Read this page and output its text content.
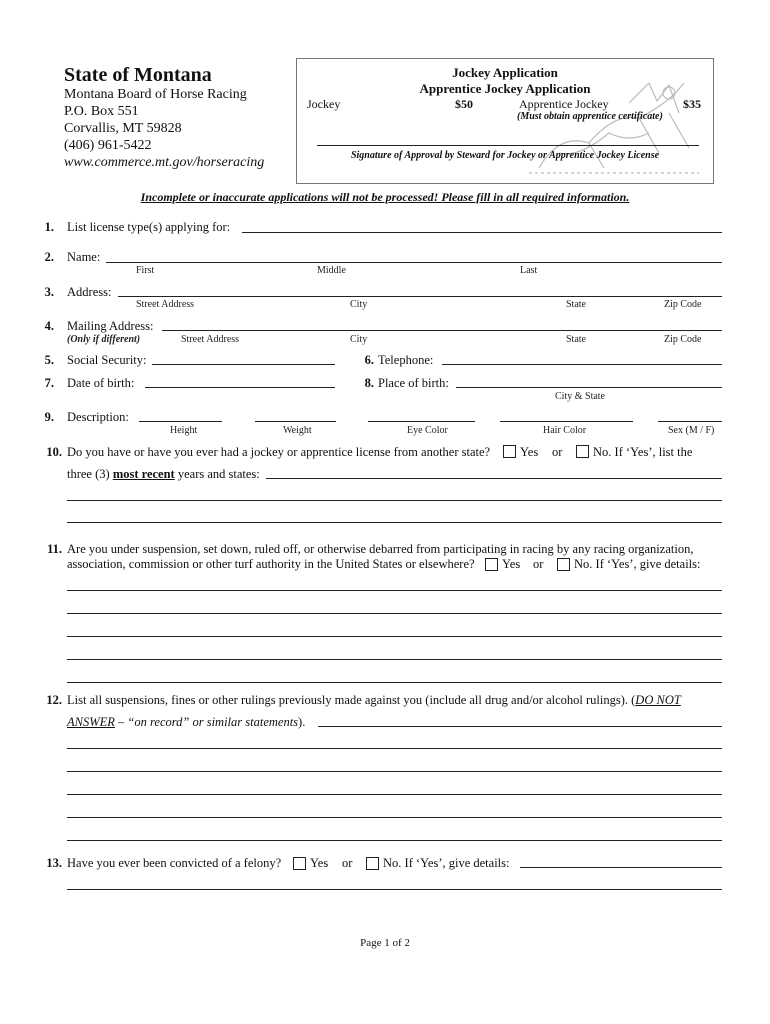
State of Montana
Montana Board of Horse Racing
P.O. Box 551
Corvallis, MT 59828
(406) 961-5422
www.commerce.mt.gov/horseracing
Jockey Application
Apprentice Jockey Application
Jockey	$50	Apprentice Jockey	$35
(Must obtain apprentice certificate)
Signature of Approval by Steward for Jockey or Apprentice Jockey License
Incomplete or inaccurate applications will not be processed! Please fill in all required information.
1. List license type(s) applying for:
2. Name:
First	Middle	Last
3. Address:
Street Address	City	State	Zip Code
4. Mailing Address:
(Only if different)	Street Address	City	State	Zip Code
5. Social Security:	6. Telephone:
7. Date of birth:	8. Place of birth:
City & State
9. Description:
Height	Weight	Eye Color	Hair Color	Sex (M / F)
10. Do you have or have you ever had a jockey or apprentice license from another state? Yes or No. If ‘Yes’, list the
three (3) most recent years and states:
11. Are you under suspension, set down, ruled off, or otherwise debarred from participating in racing by any racing organization,
association, commission or other turf authority in the United States or elsewhere? Yes or No. If ‘Yes’, give details:
12. List all suspensions, fines or other rulings previously made against you (include all drug and/or alcohol rulings). (DO NOT
ANSWER – “on record” or similar statements).
13. Have you ever been convicted of a felony? Yes or No. If ‘Yes’, give details:
Page 1 of 2
